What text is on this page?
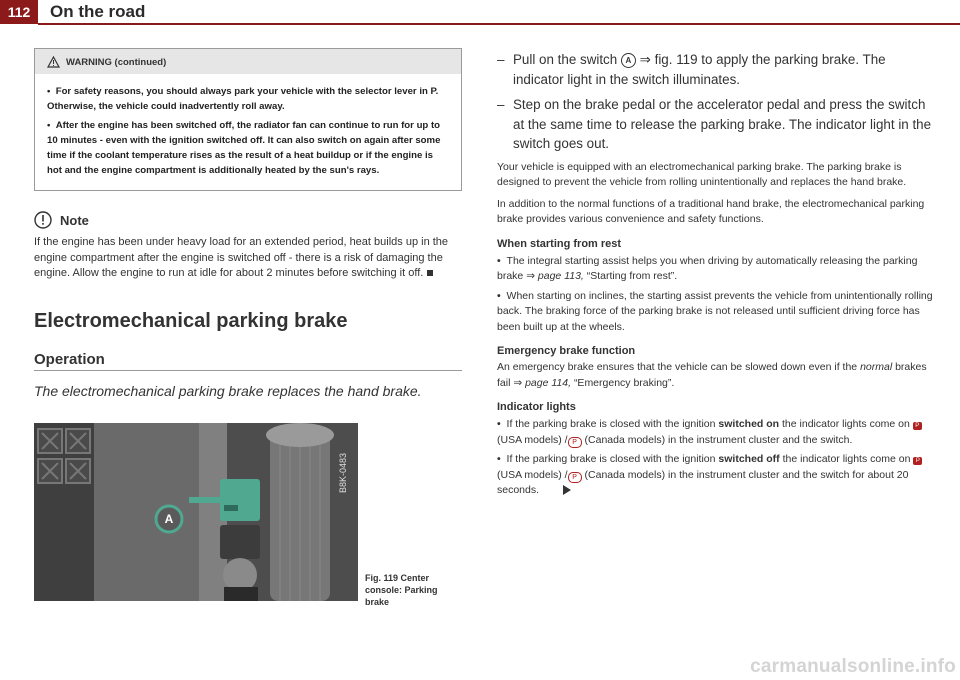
112	On the road
WARNING (continued)

• For safety reasons, you should always park your vehicle with the selector lever in P. Otherwise, the vehicle could inadvertently roll away.

• After the engine has been switched off, the radiator fan can continue to run for up to 10 minutes - even with the ignition switched off. It can also switch on again after some time if the coolant temperature rises as the result of a heat buildup or if the engine is hot and the engine compartment is additionally heated by the sun's rays.

Note
If the engine has been under heavy load for an extended period, heat builds up in the engine compartment after the engine is switched off - there is a risk of damaging the engine. Allow the engine to run at idle for about 2 minutes before switching it off.
Electromechanical parking brake
Operation
The electromechanical parking brake replaces the hand brake.
A
B8K-0483
Fig. 119 Center
console: Parking brake
– Pull on the switch A ⇒ fig. 119 to apply the parking brake. The indicator light in the switch illuminates.
– Step on the brake pedal or the accelerator pedal and press the switch at the same time to release the parking brake. The indicator light in the switch goes out.

Your vehicle is equipped with an electromechanical parking brake. The parking brake is designed to prevent the vehicle from rolling unintentionally and replaces the hand brake.

In addition to the normal functions of a traditional hand brake, the electromechanical parking brake provides various convenience and safety functions.

When starting from rest
• The integral starting assist helps you when driving by automatically releasing the parking brake ⇒ page 113, “Starting from rest”.
• When starting on inclines, the starting assist prevents the vehicle from unintentionally rolling back. The braking force of the parking brake is not released until sufficient driving force has been built up at the wheels.
Emergency brake function
An emergency brake ensures that the vehicle can be slowed down even if the normal brakes fail ⇒ page 114, “Emergency braking”.
Indicator lights
• If the parking brake is closed with the ignition switched on the indicator lights come on P (USA models) / P (Canada models) in the instrument cluster and the switch.
• If the parking brake is closed with the ignition switched off the indicator lights come on P (USA models) / P (Canada models) in the instrument cluster and the switch for about 20 seconds.
carmanualsonline.info
